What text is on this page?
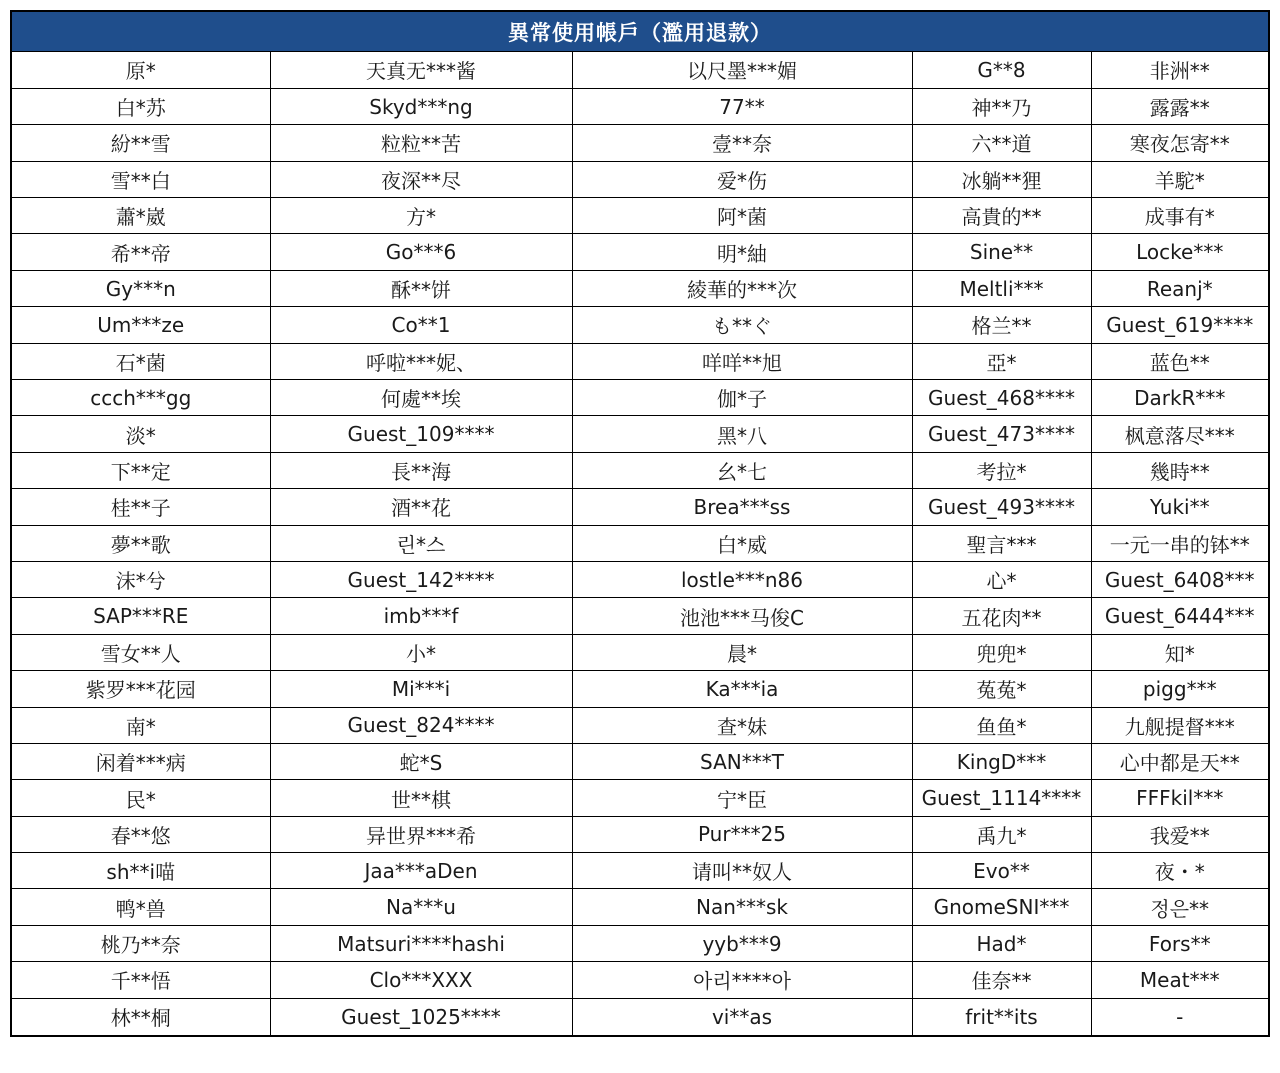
異常使用帳戶（濫用退款）
原*	天真无***酱	以尺墨***媚	G**8	非洲**
白*苏	Skyd***ng	77**	神**乃	露露**
紛**雪	粒粒**苦	壹**奈	六**道	寒夜怎寄**
雪**白	夜深**尽	爱*伤	冰躺**狸	羊駝*
蕭*崴	方*	阿*菌	高貴的**	成事有*
希**帝	Go***6	明*紬	Sine**	Locke***
Gy***n	酥**饼	綾華的***次	Meltli***	Reanj*
Um***ze	Co**1	も**ぐ	格兰**	Guest_619****
石*菌	呼啦***妮、	咩咩**旭	亞*	蓝色**
ccch***gg	何處**埃	伽*子	Guest_468****	DarkR***
淡*	Guest_109****	黑*八	Guest_473****	枫意落尽***
下**定	長**海	幺*七	考拉*	幾時**
桂**子	酒**花	Brea***ss	Guest_493****	Yuki**
夢**歌	린*스	白*威	聖言***	一元一串的钵**
沫*兮	Guest_142****	lostle***n86	心*	Guest_6408***
SAP***RE	imb***f	池池***马俊C	五花肉**	Guest_6444***
雪女**人	小*	晨*	兜兜*	知*
紫罗***花园	Mi***i	Ka***ia	菟菟*	pigg***
南*	Guest_824****	查*妹	鱼鱼*	九舰提督***
闲着***病	蛇*S	SAN***T	KingD***	心中都是天**
民*	世**棋	宁*臣	Guest_1114****	FFFkil***
春**悠	异世界***希	Pur***25	禹九*	我爱**
sh**i喵	Jaa***aDen	请叫**奴人	Evo**	夜・*
鸭*兽	Na***u	Nan***sk	GnomeSNI***	정은**
桃乃**奈	Matsuri****hashi	yyb***9	Had*	Fors**
千**悟	Clo***XXX	아리****아	佳奈**	Meat***
林**桐	Guest_1025****	vi**as	frit**its	-
